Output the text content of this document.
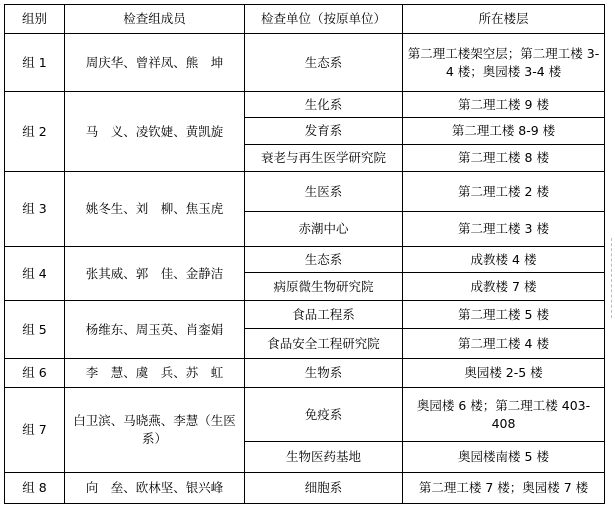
组别	检查组成员	检查单位（按原单位）	所在楼层
组 1	周庆华、曾祥凤、熊　坤	生态系	第二理工楼架空层；第二理工楼 3-4 楼；奥园楼 3-4 楼
组 2	马　义、凌钦婕、黄凯旋	生化系	第二理工楼 9 楼
		发育系	第二理工楼 8-9 楼
		衰老与再生医学研究院	第二理工楼 8 楼
组 3	姚冬生、刘　柳、焦玉虎	生医系	第二理工楼 2 楼
		赤潮中心	第二理工楼 3 楼
组 4	张其威、郭　佳、金静洁	生态系	成教楼 4 楼
		病原微生物研究院	成教楼 7 楼
组 5	杨维东、周玉英、肖銮娟	食品工程系	第二理工楼 5 楼
		食品安全工程研究院	第二理工楼 4 楼
组 6	李　慧、虞　兵、苏　虹	生物系	奥园楼 2-5 楼
组 7	白卫滨、马晓燕、李慧（生医系）	免疫系	奥园楼 6 楼；第二理工楼 403-408
		生物医药基地	奥园楼南楼 5 楼
组 8	向　垒、欧林坚、银兴峰	细胞系	第二理工楼 7 楼；奥园楼 7 楼
